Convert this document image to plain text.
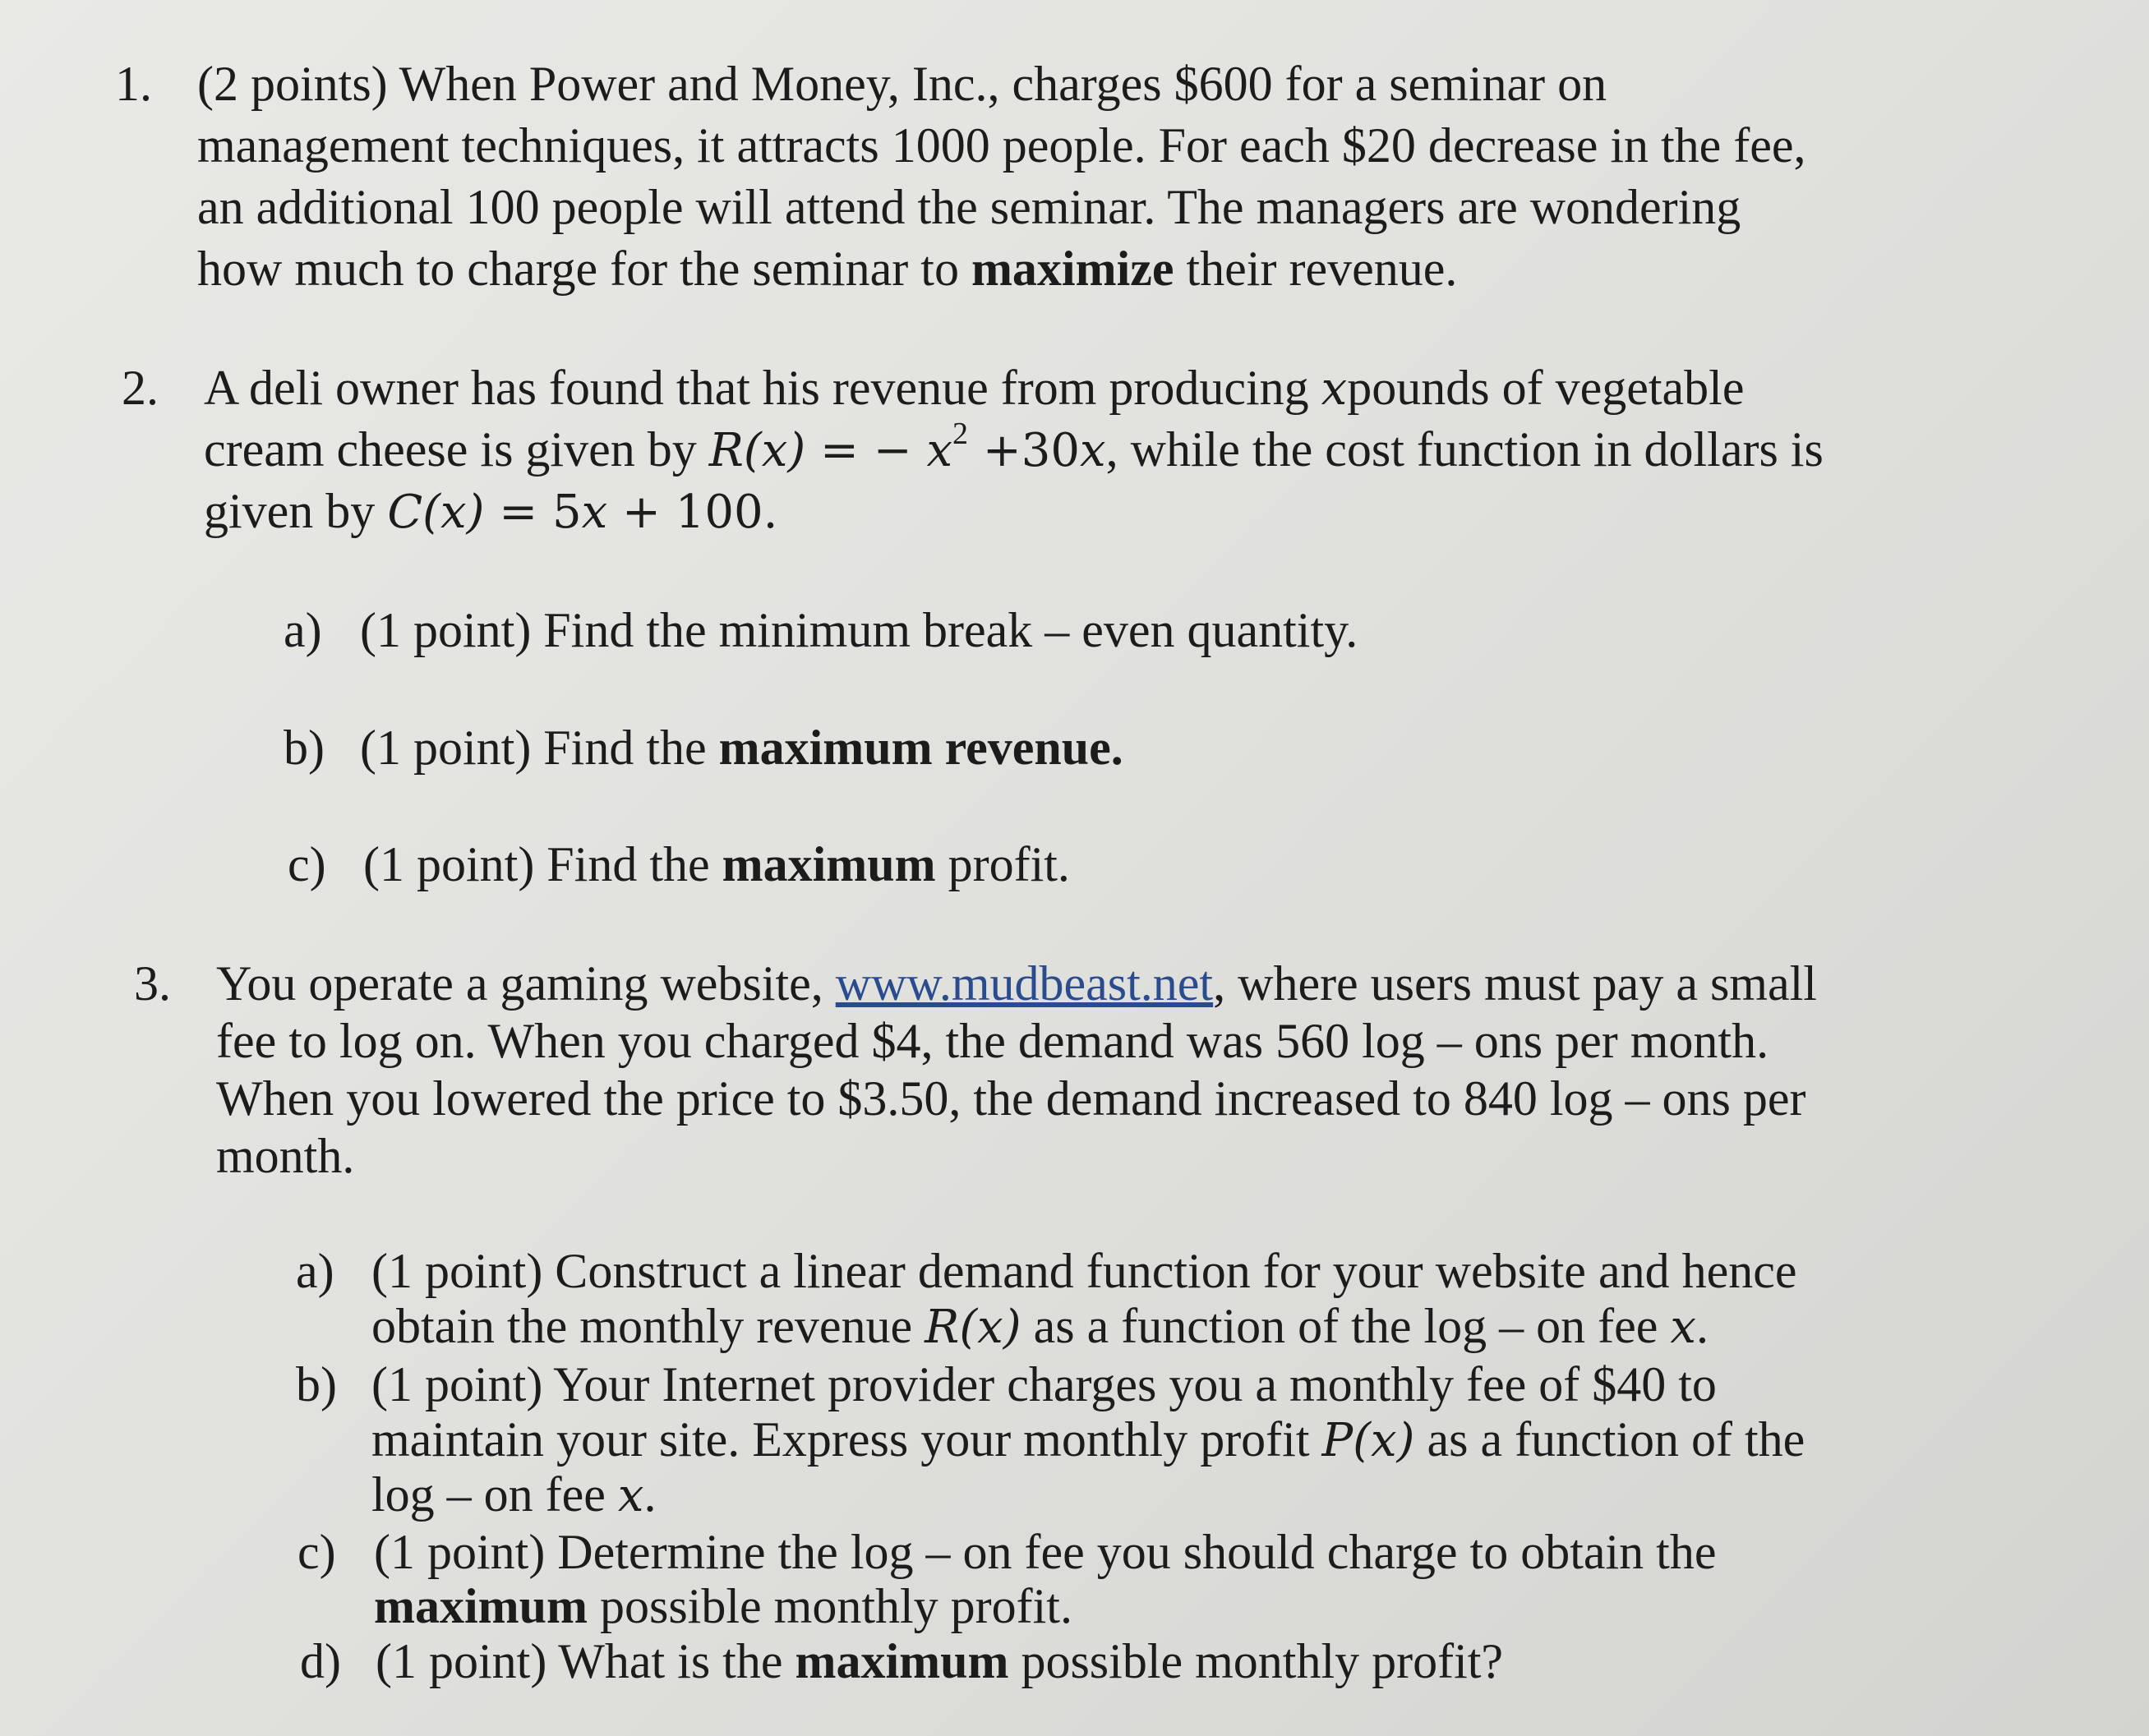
1. (2 points) When Power and Money, Inc., charges $600 for a seminar on
management techniques, it attracts 1000 people. For each $20 decrease in the fee,
an additional 100 people will attend the seminar. The managers are wondering
how much to charge for the seminar to maximize their revenue.
2. A deli owner has found that his revenue from producing xpounds of vegetable
cream cheese is given by R(x) = − $x^2 +30x$, while the cost function in dollars is
given by C(x) = 5x + 100.
a) (1 point) Find the minimum break – even quantity.
b) (1 point) Find the maximum revenue.
c) (1 point) Find the maximum profit.
3. You operate a gaming website, www.mudbeast.net, where users must pay a small
fee to log on. When you charged $4, the demand was 560 log – ons per month.
When you lowered the price to $3.50, the demand increased to 840 log – ons per
month.
a) (1 point) Construct a linear demand function for your website and hence
obtain the monthly revenue R(x) as a function of the log – on fee x.
b) (1 point) Your Internet provider charges you a monthly fee of $40 to
maintain your site. Express your monthly profit P(x) as a function of the
log – on fee x.
c) (1 point) Determine the log – on fee you should charge to obtain the
maximum possible monthly profit.
d) (1 point) What is the maximum possible monthly profit?
